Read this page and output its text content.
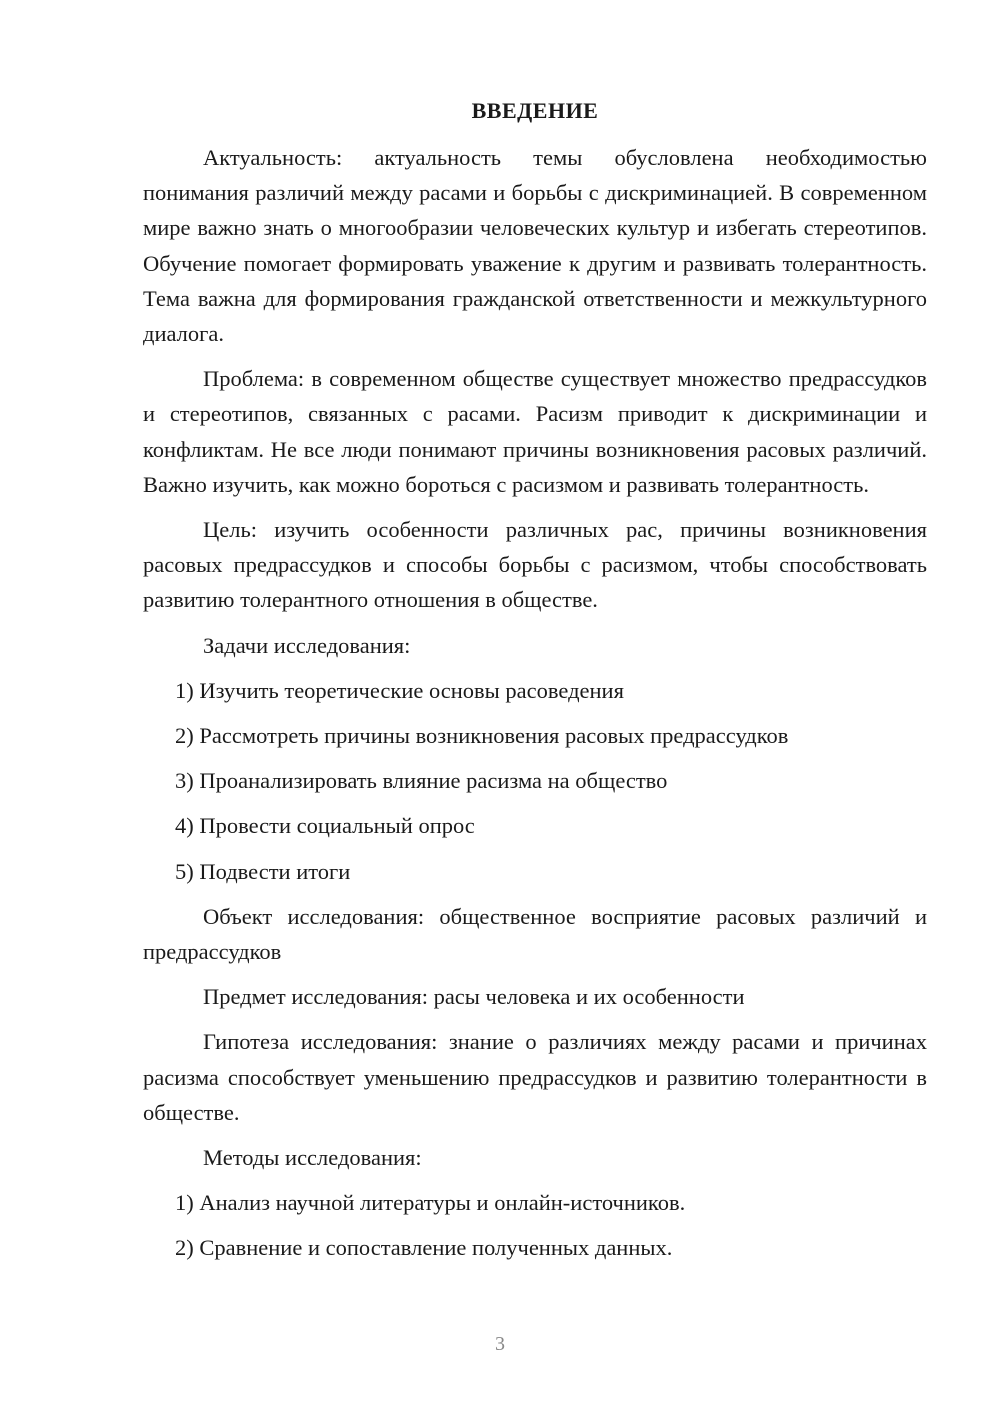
ВВЕДЕНИЕ

Актуальность: актуальность темы обусловлена необходимостью понимания различий между расами и борьбы с дискриминацией. В современном мире важно знать о многообразии человеческих культур и избегать стереотипов. Обучение помогает формировать уважение к другим и развивать толерантность. Тема важна для формирования гражданской ответственности и межкультурного диалога.

Проблема: в современном обществе существует множество предрассудков и стереотипов, связанных с расами. Расизм приводит к дискриминации и конфликтам. Не все люди понимают причины возникновения расовых различий. Важно изучить, как можно бороться с расизмом и развивать толерантность.

Цель: изучить особенности различных рас, причины возникновения расовых предрассудков и способы борьбы с расизмом, чтобы способствовать развитию толерантного отношения в обществе.

Задачи исследования:

1) Изучить теоретические основы расоведения

2) Рассмотреть причины возникновения расовых предрассудков

3) Проанализировать влияние расизма на общество

4) Провести социальный опрос

5) Подвести итоги

Объект исследования: общественное восприятие расовых различий и предрассудков

Предмет исследования: расы человека и их особенности

Гипотеза исследования: знание о различиях между расами и причинах расизма способствует уменьшению предрассудков и развитию толерантности в обществе.

Методы исследования:

1) Анализ научной литературы и онлайн-источников.

2) Сравнение и сопоставление полученных данных.

3
